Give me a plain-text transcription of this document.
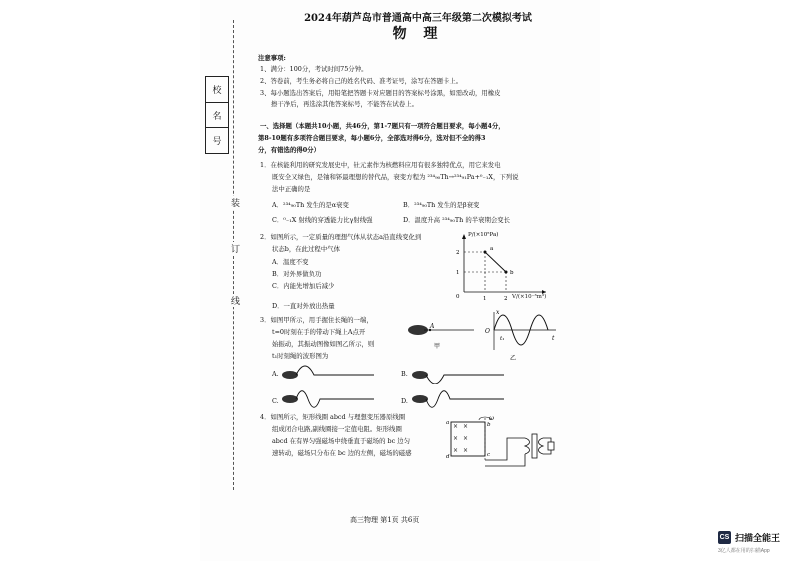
校
名
号
装
订
线
2024年葫芦岛市普通高中高三年级第二次模拟考试
物 理
注意事项:
1、满分：100分，考试时间75分钟。
2、答卷前，考生务必将自己的姓名代码、准考证号，涂写在答题卡上。
3、每小题选出答案后，用铅笔把答题卡对应题目的答案标号涂黑，如需改动，用橡皮
擦干净后，再选涂其他答案标号，不能答在试卷上。
一、选择题（本题共10小题，共46分，第1-7题只有一项符合题目要求，每小题4分，
第8-10题有多项符合题目要求，每小题6分，全部选对得6分，选对但不全的得3
分，有错选的得0分）
1．在核能利用的研究发展史中，钍元素作为核燃料应用有很多独特优点，用它来发电
既安全又绿色，是铀和钚最理想的替代品，衰变方程为 ²³⁴₉₀Th→²³⁴₉₁Pa+⁰₋₁X，下列说
法中正确的是
A．²³⁴₉₀Th 发生的是α衰变	B．²³⁴₉₀Th 发生的是β衰变
C．⁰₋₁X 射线的穿透能力比γ射线强	D．温度升高 ²³⁴₉₀Th 的半衰期会变长
2．如图所示，一定质量的理想气体从状态a沿直线变化到
状态b，在此过程中气体
A．温度不变
B．对外界做负功
C．内能先增加后减少
D．一直对外放出热量
P/(×10⁵Pa)
2
1
0	1	2
a
b
V/(×10⁻³m³)
3．如图甲所示，用手握住长绳的一端，
t=0时刻在手的带动下绳上A点开
始振动，其振动图像如图乙所示，则
t₁时刻绳的波形图为
A
甲
x
O
t
t₁
乙
A.	B.
C.	D.
4．如图所示，矩形线圈 abcd 与理想变压器原线圈
组成闭合电路,副线圈接一定值电阻。矩形线圈
abcd 在有界匀强磁场中绕垂直于磁场的 bc 边匀
速转动，磁场只分布在 bc 边的左侧，磁场的磁感
× ×
× ×
× ×
ω
a	b
c
d
高三物理 第1页 共6页
CS 扫描全能王
3亿人都在用的扫描App
